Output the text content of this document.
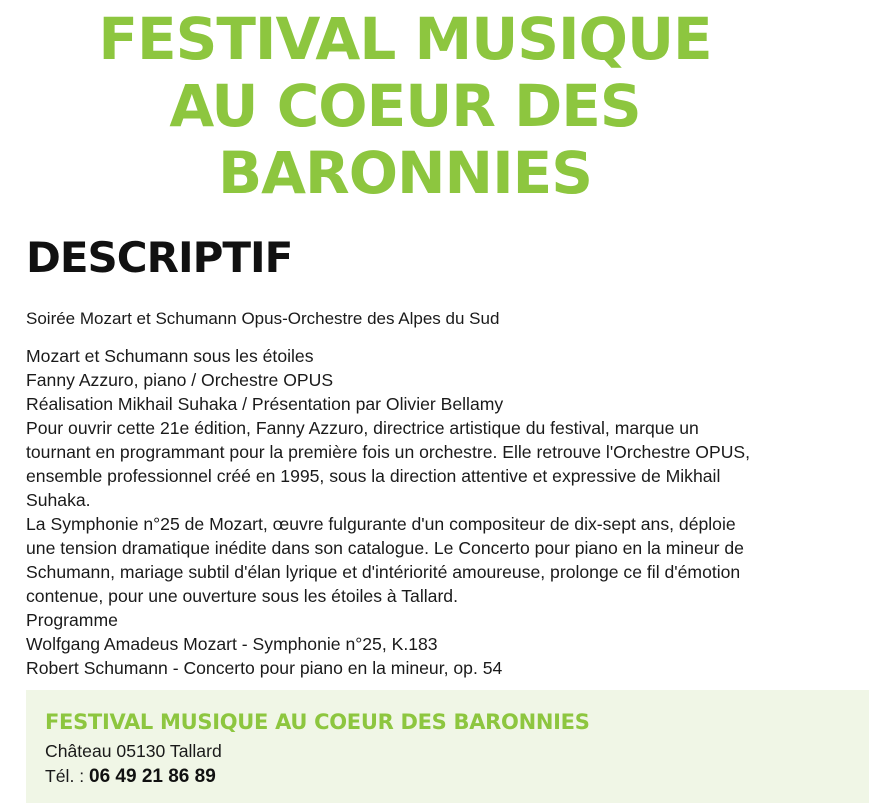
FESTIVAL MUSIQUE
AU COEUR DES
BARONNIES
DESCRIPTIF

Soirée Mozart et Schumann Opus-Orchestre des Alpes du Sud

Mozart et Schumann sous les étoiles
Fanny Azzuro, piano / Orchestre OPUS
Réalisation Mikhail Suhaka / Présentation par Olivier Bellamy
Pour ouvrir cette 21e édition, Fanny Azzuro, directrice artistique du festival, marque un
tournant en programmant pour la première fois un orchestre. Elle retrouve l'Orchestre OPUS,
ensemble professionnel créé en 1995, sous la direction attentive et expressive de Mikhail
Suhaka.
La Symphonie n°25 de Mozart, œuvre fulgurante d'un compositeur de dix-sept ans, déploie
une tension dramatique inédite dans son catalogue. Le Concerto pour piano en la mineur de
Schumann, mariage subtil d'élan lyrique et d'intériorité amoureuse, prolonge ce fil d'émotion
contenue, pour une ouverture sous les étoiles à Tallard.
Programme
Wolfgang Amadeus Mozart - Symphonie n°25, K.183
Robert Schumann - Concerto pour piano en la mineur, op. 54
FESTIVAL MUSIQUE AU COEUR DES BARONNIES

Château 05130 Tallard

Tél. : 06 49 21 86 89
